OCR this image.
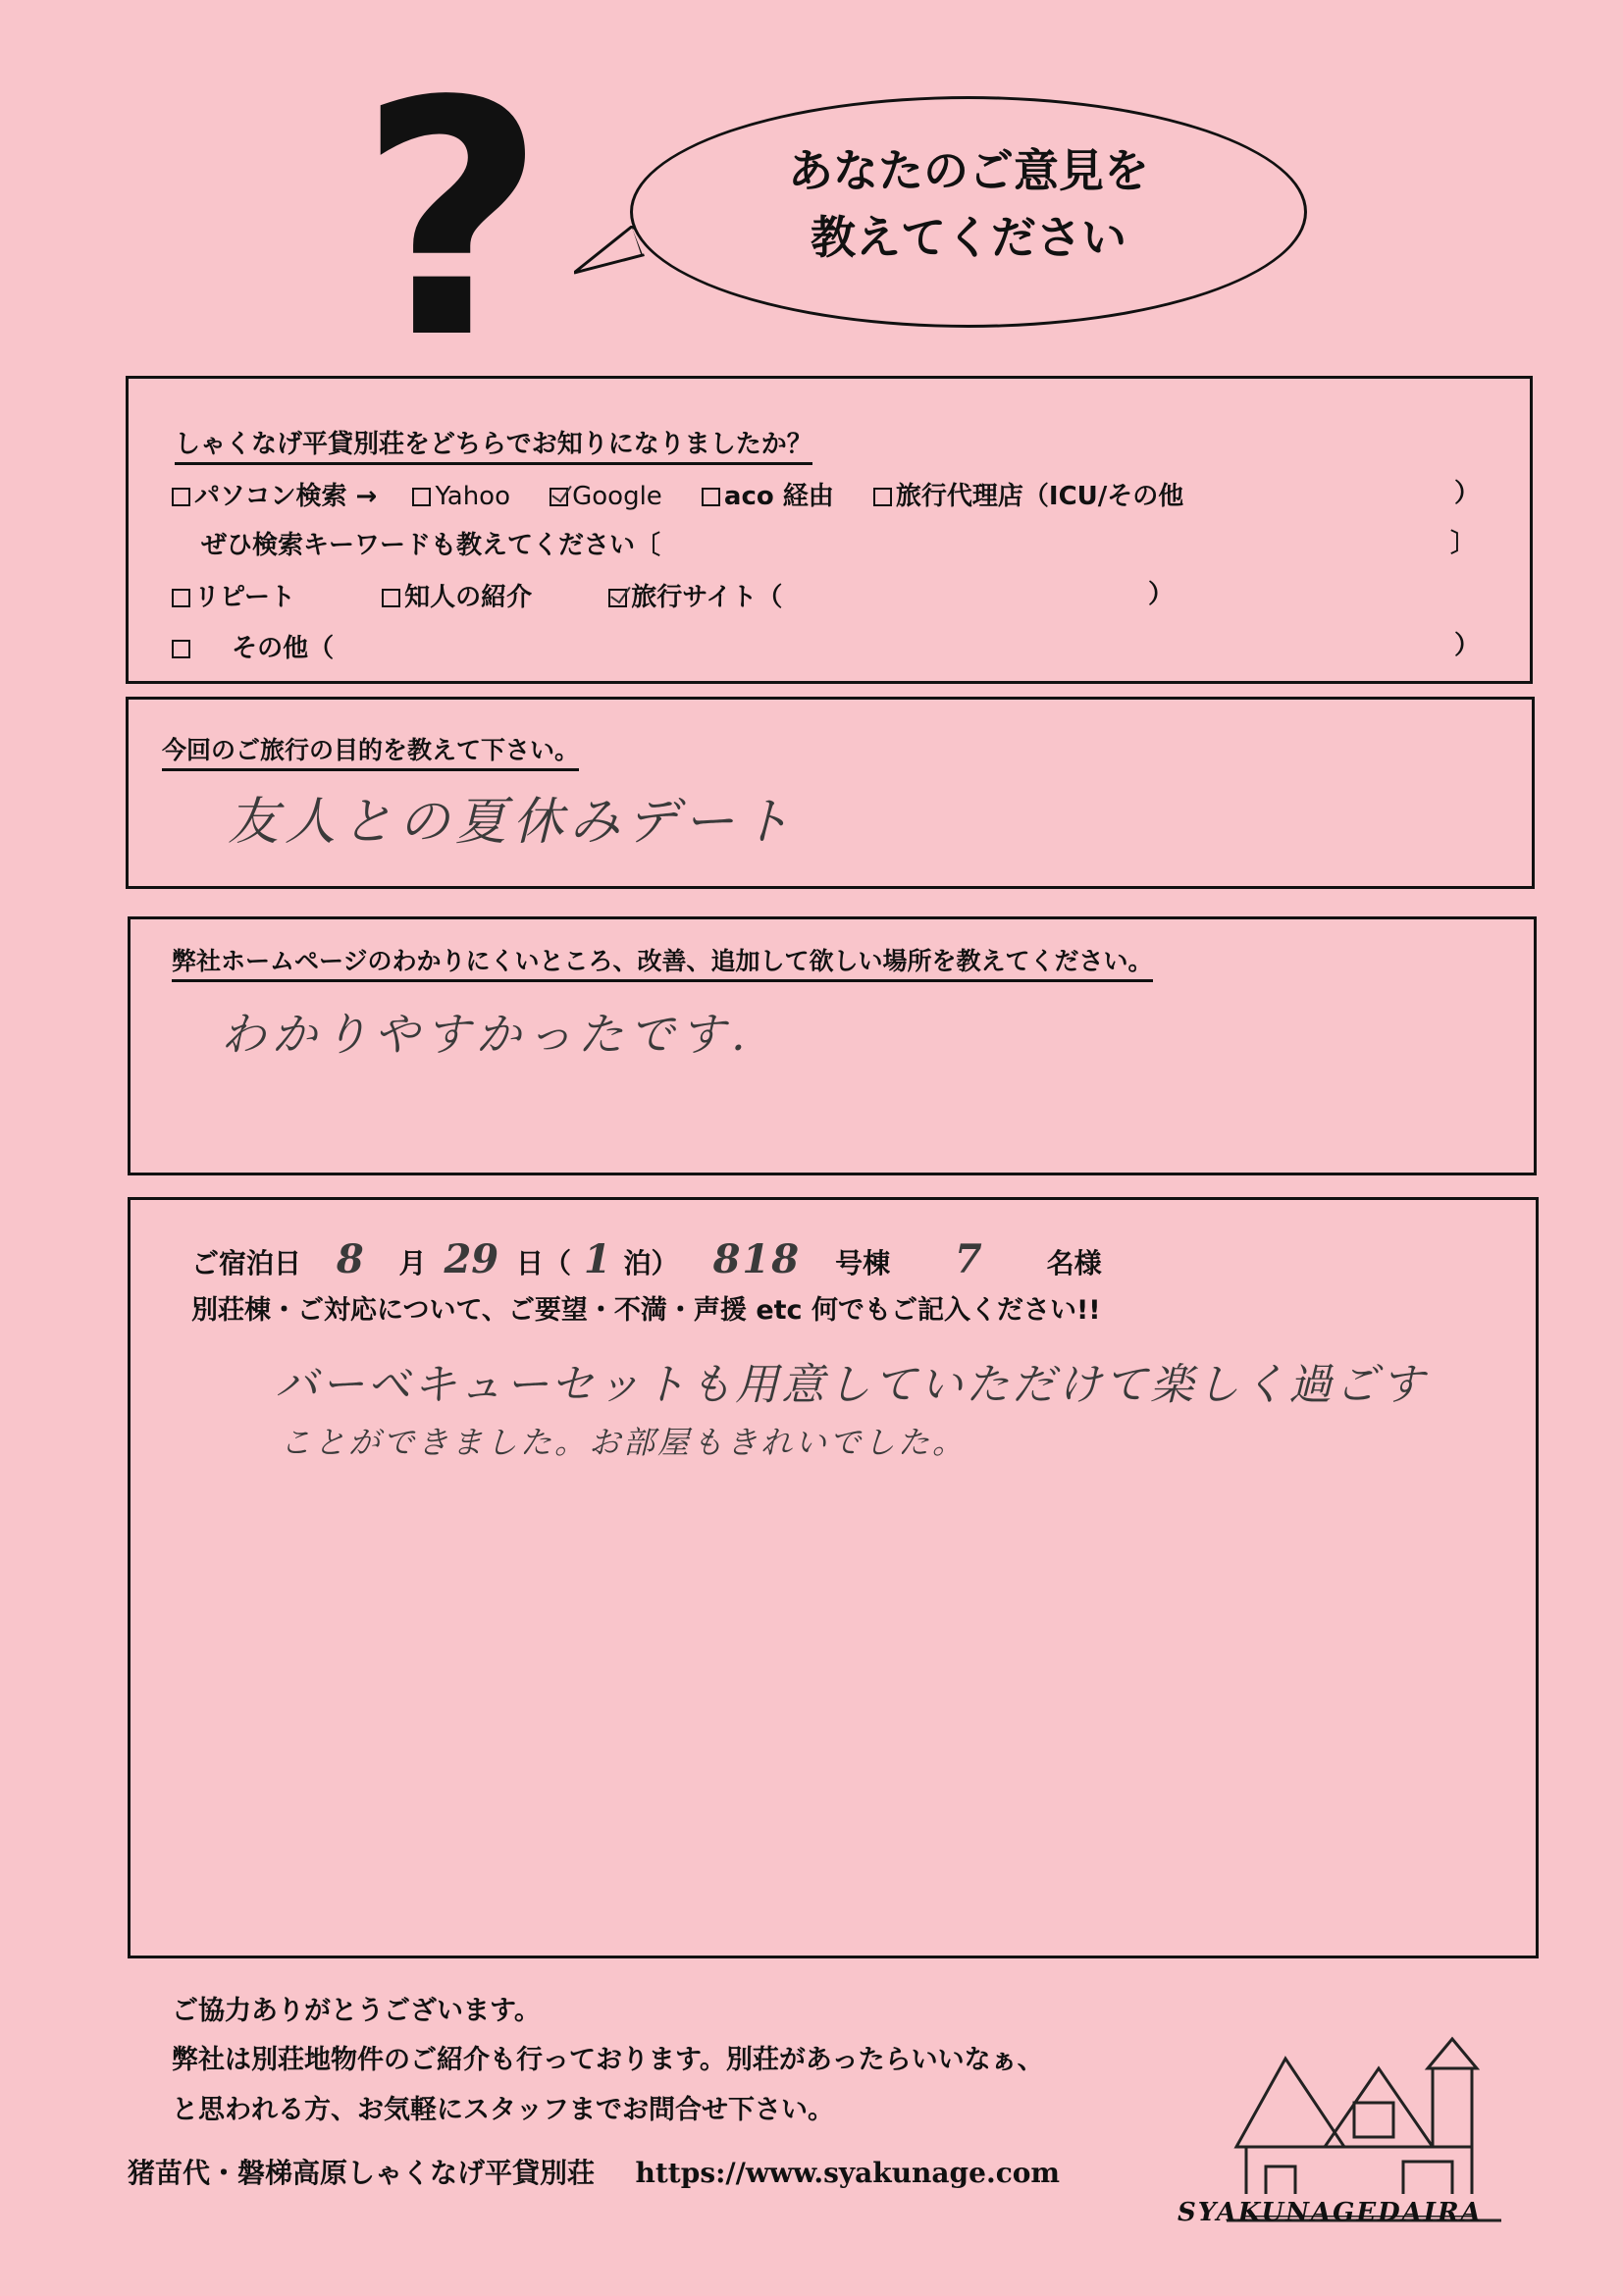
?	あなたのご意見を
教えてください
しゃくなげ平貸別荘をどちらでお知りになりましたか？
パソコン検索 → Yahoo Google aco 経由 旅行代理店（ICU/その他	）
ぜひ検索キーワードも教えてください〔	〕
リピート	知人の紹介	旅行サイト（	）
その他（	）
今回のご旅行の目的を教えて下さい。
友人との夏休みデート
弊社ホームページのわかりにくいところ、改善、追加して欲しい場所を教えてください。
わかりやすかったです.
ご宿泊日 8 月 29 日（ 1 泊） 818 号棟 7 名様
別荘棟・ご対応について、ご要望・不満・声援 etc 何でもご記入ください!!
バーベキューセットも用意していただけて楽しく過ごす
ことができました。お部屋もきれいでした。
ご協力ありがとうございます。
弊社は別荘地物件のご紹介も行っております。別荘があったらいいなぁ、
と思われる方、お気軽にスタッフまでお問合せ下さい。
猪苗代・磐梯高原しゃくなげ平貸別荘 https://www.syakunage.com
SYAKUNAGEDAIRA
